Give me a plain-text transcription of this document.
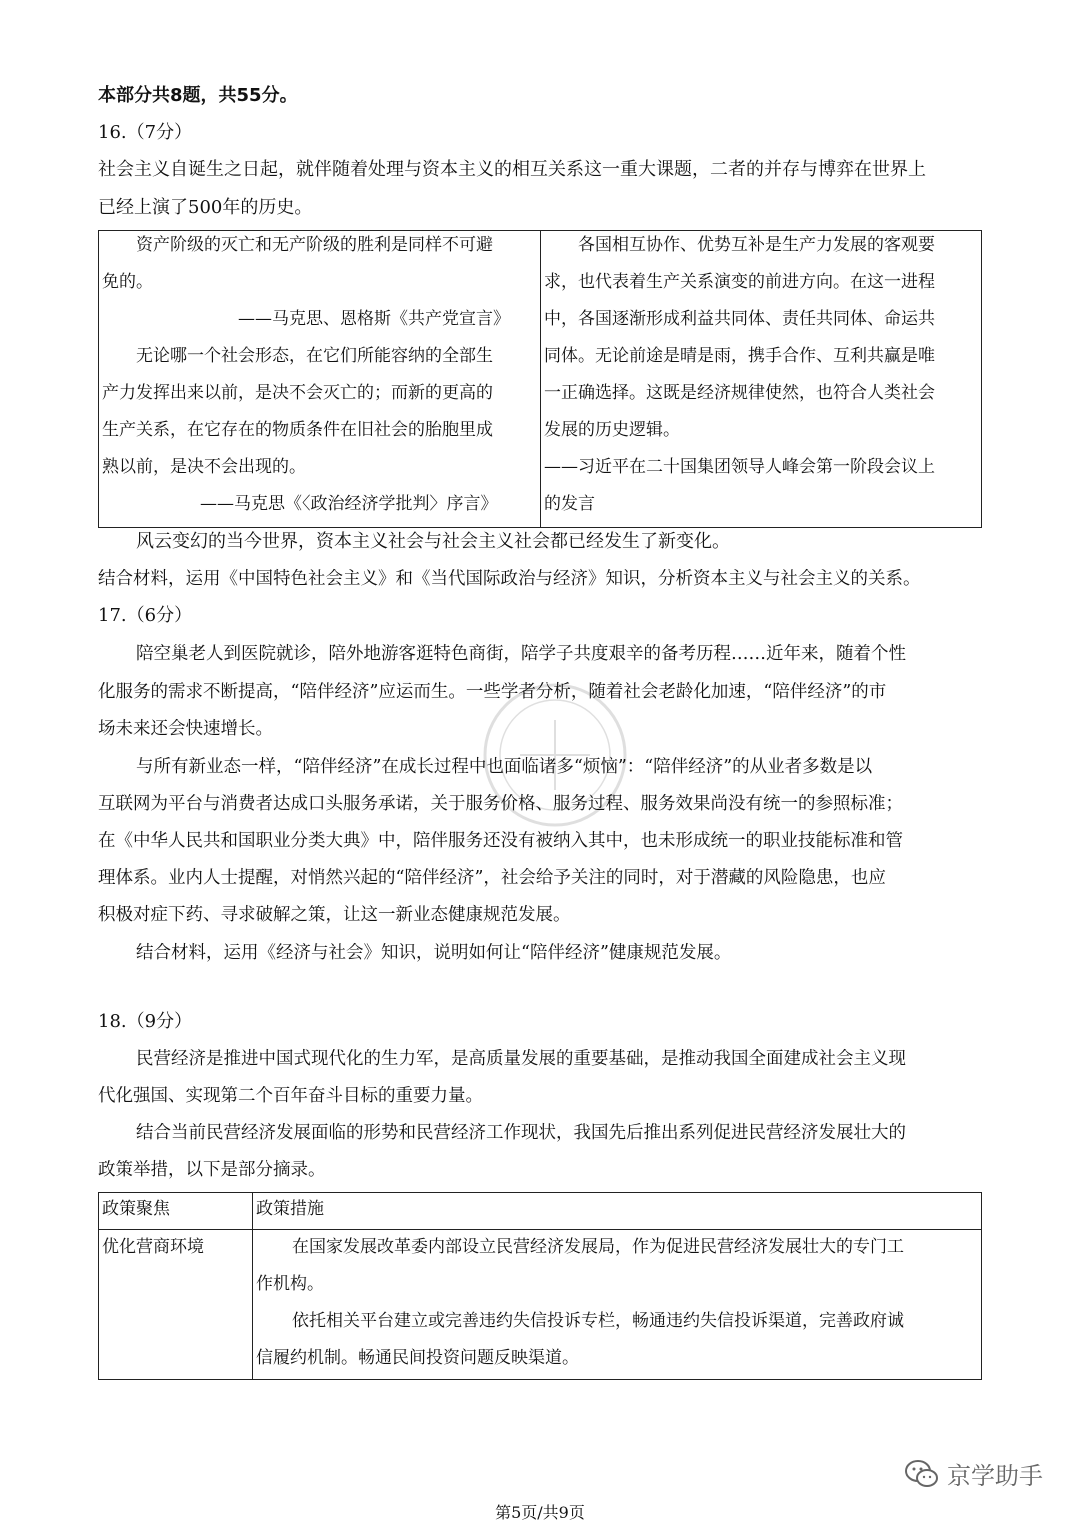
本部分共8题，共55分。
16.（7分）
社会主义自诞生之日起，就伴随着处理与资本主义的相互关系这一重大课题，二者的并存与博弈在世界上
已经上演了500年的历史。
资产阶级的灭亡和无产阶级的胜利是同样不可避
免的。
——马克思、恩格斯《共产党宣言》
无论哪一个社会形态，在它们所能容纳的全部生
产力发挥出来以前，是决不会灭亡的；而新的更高的
生产关系，在它存在的物质条件在旧社会的胎胞里成
熟以前，是决不会出现的。
——马克思《〈政治经济学批判〉序言》
各国相互协作、优势互补是生产力发展的客观要
求，也代表着生产关系演变的前进方向。在这一进程
中，各国逐渐形成利益共同体、责任共同体、命运共
同体。无论前途是晴是雨，携手合作、互利共赢是唯
一正确选择。这既是经济规律使然，也符合人类社会
发展的历史逻辑。
——习近平在二十国集团领导人峰会第一阶段会议上
的发言
风云变幻的当今世界，资本主义社会与社会主义社会都已经发生了新变化。
结合材料，运用《中国特色社会主义》和《当代国际政治与经济》知识，分析资本主义与社会主义的关系。
17.（6分）
陪空巢老人到医院就诊，陪外地游客逛特色商街，陪学子共度艰辛的备考历程……近年来，随着个性
化服务的需求不断提高，“陪伴经济”应运而生。一些学者分析，随着社会老龄化加速，“陪伴经济”的市
场未来还会快速增长。
与所有新业态一样，“陪伴经济”在成长过程中也面临诸多“烦恼”：“陪伴经济”的从业者多数是以
互联网为平台与消费者达成口头服务承诺，关于服务价格、服务过程、服务效果尚没有统一的参照标准；
在《中华人民共和国职业分类大典》中，陪伴服务还没有被纳入其中，也未形成统一的职业技能标准和管
理体系。业内人士提醒，对悄然兴起的“陪伴经济”，社会给予关注的同时，对于潜藏的风险隐患，也应
积极对症下药、寻求破解之策，让这一新业态健康规范发展。
结合材料，运用《经济与社会》知识，说明如何让“陪伴经济”健康规范发展。
18.（9分）
民营经济是推进中国式现代化的生力军，是高质量发展的重要基础，是推动我国全面建成社会主义现
代化强国、实现第二个百年奋斗目标的重要力量。
结合当前民营经济发展面临的形势和民营经济工作现状，我国先后推出系列促进民营经济发展壮大的
政策举措，以下是部分摘录。
政策聚焦	政策措施
优化营商环境	在国家发展改革委内部设立民营经济发展局，作为促进民营经济发展壮大的专门工
作机构。
依托相关平台建立或完善违约失信投诉专栏，畅通违约失信投诉渠道，完善政府诚
信履约机制。畅通民间投资问题反映渠道。
京学助手
第5页/共9页
